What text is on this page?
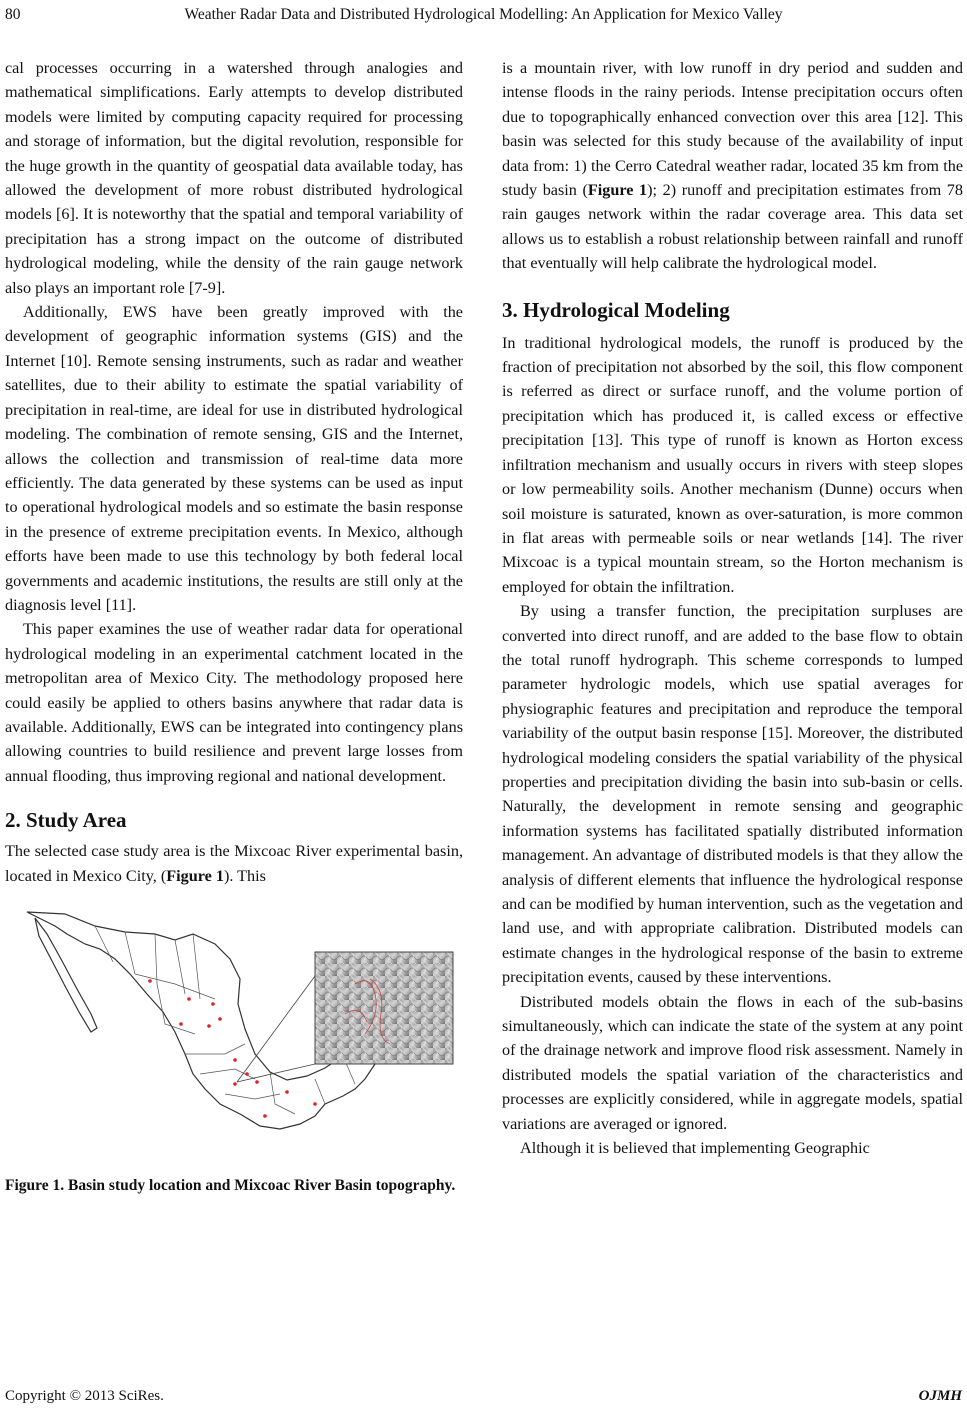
80	Weather Radar Data and Distributed Hydrological Modelling: An Application for Mexico Valley

cal processes occurring in a watershed through analogies and mathematical simplifications. Early attempts to develop distributed models were limited by computing capacity required for processing and storage of information, but the digital revolution, responsible for the huge growth in the quantity of geospatial data available today, has allowed the development of more robust distributed hydrological models [6]. It is noteworthy that the spatial and temporal variability of precipitation has a strong impact on the outcome of distributed hydrological modeling, while the density of the rain gauge network also plays an important role [7-9].

Additionally, EWS have been greatly improved with the development of geographic information systems (GIS) and the Internet [10]. Remote sensing instruments, such as radar and weather satellites, due to their ability to estimate the spatial variability of precipitation in real-time, are ideal for use in distributed hydrological modeling. The combination of remote sensing, GIS and the Internet, allows the collection and transmission of real-time data more efficiently. The data generated by these systems can be used as input to operational hydrological models and so estimate the basin response in the presence of extreme precipitation events. In Mexico, although efforts have been made to use this technology by both federal local governments and academic institutions, the results are still only at the diagnosis level [11].

This paper examines the use of weather radar data for operational hydrological modeling in an experimental catchment located in the metropolitan area of Mexico City. The methodology proposed here could easily be applied to others basins anywhere that radar data is available. Additionally, EWS can be integrated into contingency plans allowing countries to build resilience and prevent large losses from annual flooding, thus improving regional and national development.

2. Study Area

The selected case study area is the Mixcoac River experimental basin, located in Mexico City, (Figure 1). This

Figure 1. Basin study location and Mixcoac River Basin topography.

is a mountain river, with low runoff in dry period and sudden and intense floods in the rainy periods. Intense precipitation occurs often due to topographically enhanced convection over this area [12]. This basin was selected for this study because of the availability of input data from: 1) the Cerro Catedral weather radar, located 35 km from the study basin (Figure 1); 2) runoff and precipitation estimates from 78 rain gauges network within the radar coverage area. This data set allows us to establish a robust relationship between rainfall and runoff that eventually will help calibrate the hydrological model.

3. Hydrological Modeling

In traditional hydrological models, the runoff is produced by the fraction of precipitation not absorbed by the soil, this flow component is referred as direct or surface runoff, and the volume portion of precipitation which has produced it, is called excess or effective precipitation [13]. This type of runoff is known as Horton excess infiltration mechanism and usually occurs in rivers with steep slopes or low permeability soils. Another mechanism (Dunne) occurs when soil moisture is saturated, known as over-saturation, is more common in flat areas with permeable soils or near wetlands [14]. The river Mixcoac is a typical mountain stream, so the Horton mechanism is employed for obtain the infiltration.

By using a transfer function, the precipitation surpluses are converted into direct runoff, and are added to the base flow to obtain the total runoff hydrograph. This scheme corresponds to lumped parameter hydrologic models, which use spatial averages for physiographic features and precipitation and reproduce the temporal variability of the output basin response [15]. Moreover, the distributed hydrological modeling considers the spatial variability of the physical properties and precipitation dividing the basin into sub-basin or cells. Naturally, the development in remote sensing and geographic information systems has facilitated spatially distributed information management. An advantage of distributed models is that they allow the analysis of different elements that influence the hydrological response and can be modified by human intervention, such as the vegetation and land use, and with appropriate calibration. Distributed models can estimate changes in the hydrological response of the basin to extreme precipitation events, caused by these interventions.

Distributed models obtain the flows in each of the sub-basins simultaneously, which can indicate the state of the system at any point of the drainage network and improve flood risk assessment. Namely in distributed models the spatial variation of the characteristics and processes are explicitly considered, while in aggregate models, spatial variations are averaged or ignored.

Although it is believed that implementing Geographic

Copyright © 2013 SciRes.	OJMH
